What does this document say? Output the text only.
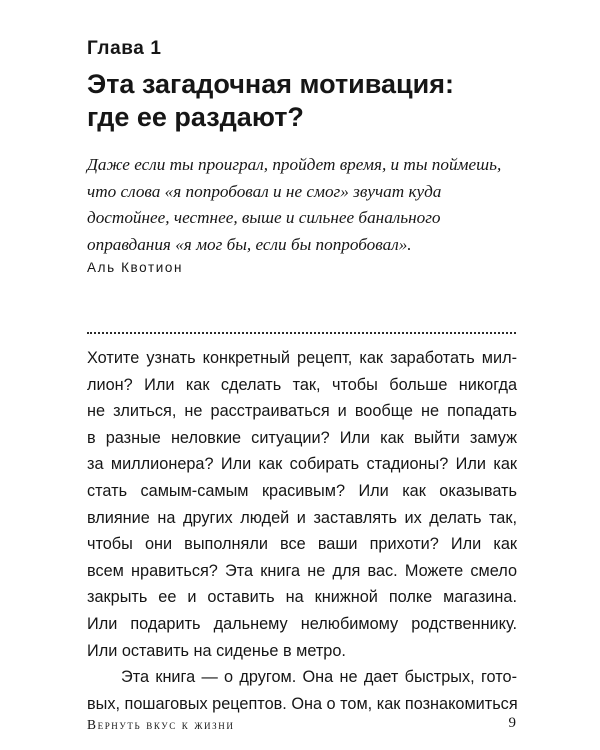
Глава 1
Эта загадочная мотивация:
где ее раздают?
Даже если ты проиграл, пройдет время, и ты поймешь,
что слова «я попробовал и не смог» звучат куда
достойнее, честнее, выше и сильнее банального
оправдания «я мог бы, если бы попробовал».

Аль Квотион

Хотите узнать конкретный рецепт, как заработать мил-
лион? Или как сделать так, чтобы больше никогда
не злиться, не расстраиваться и вообще не попадать
в разные неловкие ситуации? Или как выйти замуж
за миллионера? Или как собирать стадионы? Или как
стать самым-самым красивым? Или как оказывать
влияние на других людей и заставлять их делать так,
чтобы они выполняли все ваши прихоти? Или как
всем нравиться? Эта книга не для вас. Можете смело
закрыть ее и оставить на книжной полке магазина.
Или подарить дальнему нелюбимому родственнику.
Или оставить на сиденье в метро.
Эта книга — о другом. Она не дает быстрых, гото-
вых, пошаговых рецептов. Она о том, как познакомиться

Вернуть вкус к жизни	9
